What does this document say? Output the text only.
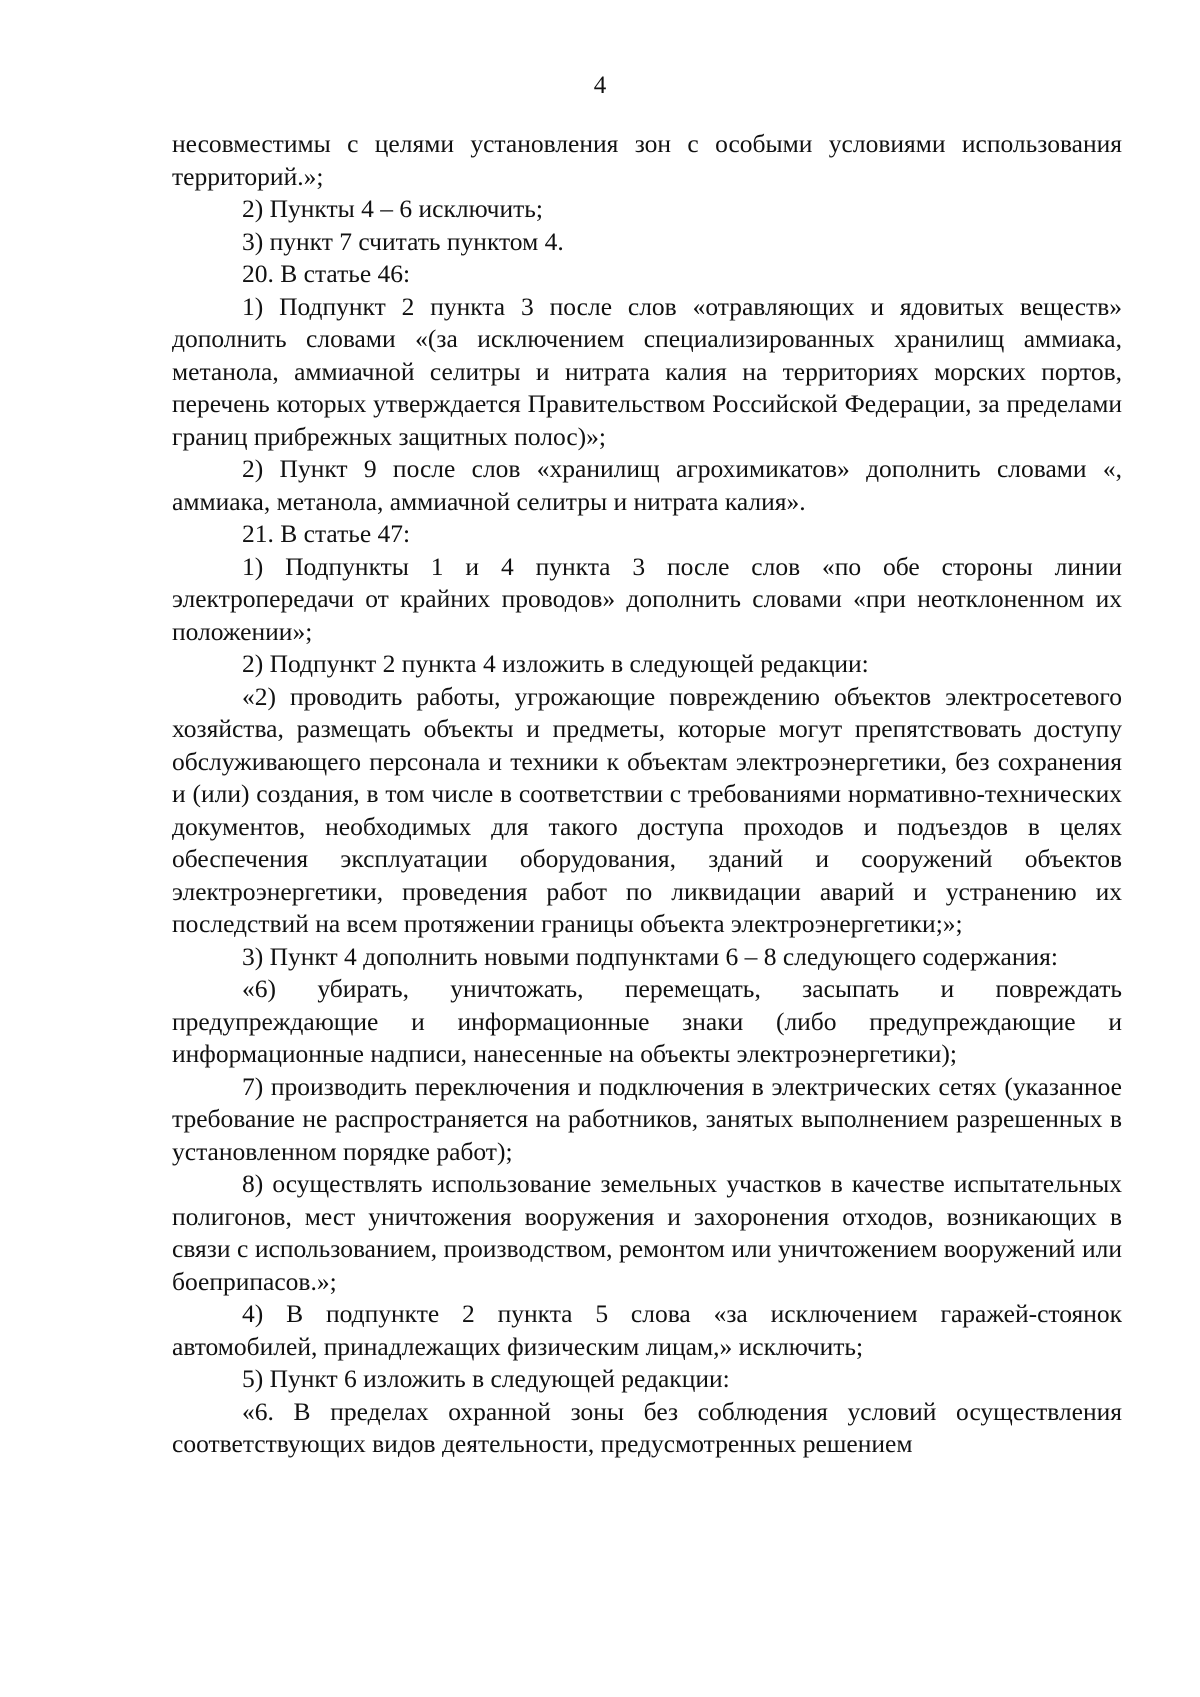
4

несовместимы с целями установления зон с особыми условиями использования территорий.»;

2) Пункты 4 – 6 исключить;

3) пункт 7 считать пунктом 4.

20. В статье 46:

1) Подпункт 2 пункта 3 после слов «отравляющих и ядовитых веществ» дополнить словами «(за исключением специализированных хранилищ аммиака, метанола, аммиачной селитры и нитрата калия на территориях морских портов, перечень которых утверждается Правительством Российской Федерации, за пределами границ прибрежных защитных полос)»;

2) Пункт 9 после слов «хранилищ агрохимикатов» дополнить словами «, аммиака, метанола, аммиачной селитры и нитрата калия».

21. В статье 47:

1) Подпункты 1 и 4 пункта 3 после слов «по обе стороны линии электропередачи от крайних проводов» дополнить словами «при неотклоненном их положении»;

2) Подпункт 2 пункта 4 изложить в следующей редакции:

«2) проводить работы, угрожающие повреждению объектов электросетевого хозяйства, размещать объекты и предметы, которые могут препятствовать доступу обслуживающего персонала и техники к объектам электроэнергетики, без сохранения и (или) создания, в том числе в соответствии с требованиями нормативно-технических документов, необходимых для такого доступа проходов и подъездов в целях обеспечения эксплуатации оборудования, зданий и сооружений объектов электроэнергетики, проведения работ по ликвидации аварий и устранению их последствий на всем протяжении границы объекта электроэнергетики;»;

3) Пункт 4 дополнить новыми подпунктами 6 – 8 следующего содержания:

«6) убирать, уничтожать, перемещать, засыпать и повреждать предупреждающие и информационные знаки (либо предупреждающие и информационные надписи, нанесенные на объекты электроэнергетики);

7) производить переключения и подключения в электрических сетях (указанное требование не распространяется на работников, занятых выполнением разрешенных в установленном порядке работ);

8) осуществлять использование земельных участков в качестве испытательных полигонов, мест уничтожения вооружения и захоронения отходов, возникающих в связи с использованием, производством, ремонтом или уничтожением вооружений или боеприпасов.»;

4) В подпункте 2 пункта 5 слова «за исключением гаражей-стоянок автомобилей, принадлежащих физическим лицам,» исключить;

5) Пункт 6 изложить в следующей редакции:

«6. В пределах охранной зоны без соблюдения условий осуществления соответствующих видов деятельности, предусмотренных решением
